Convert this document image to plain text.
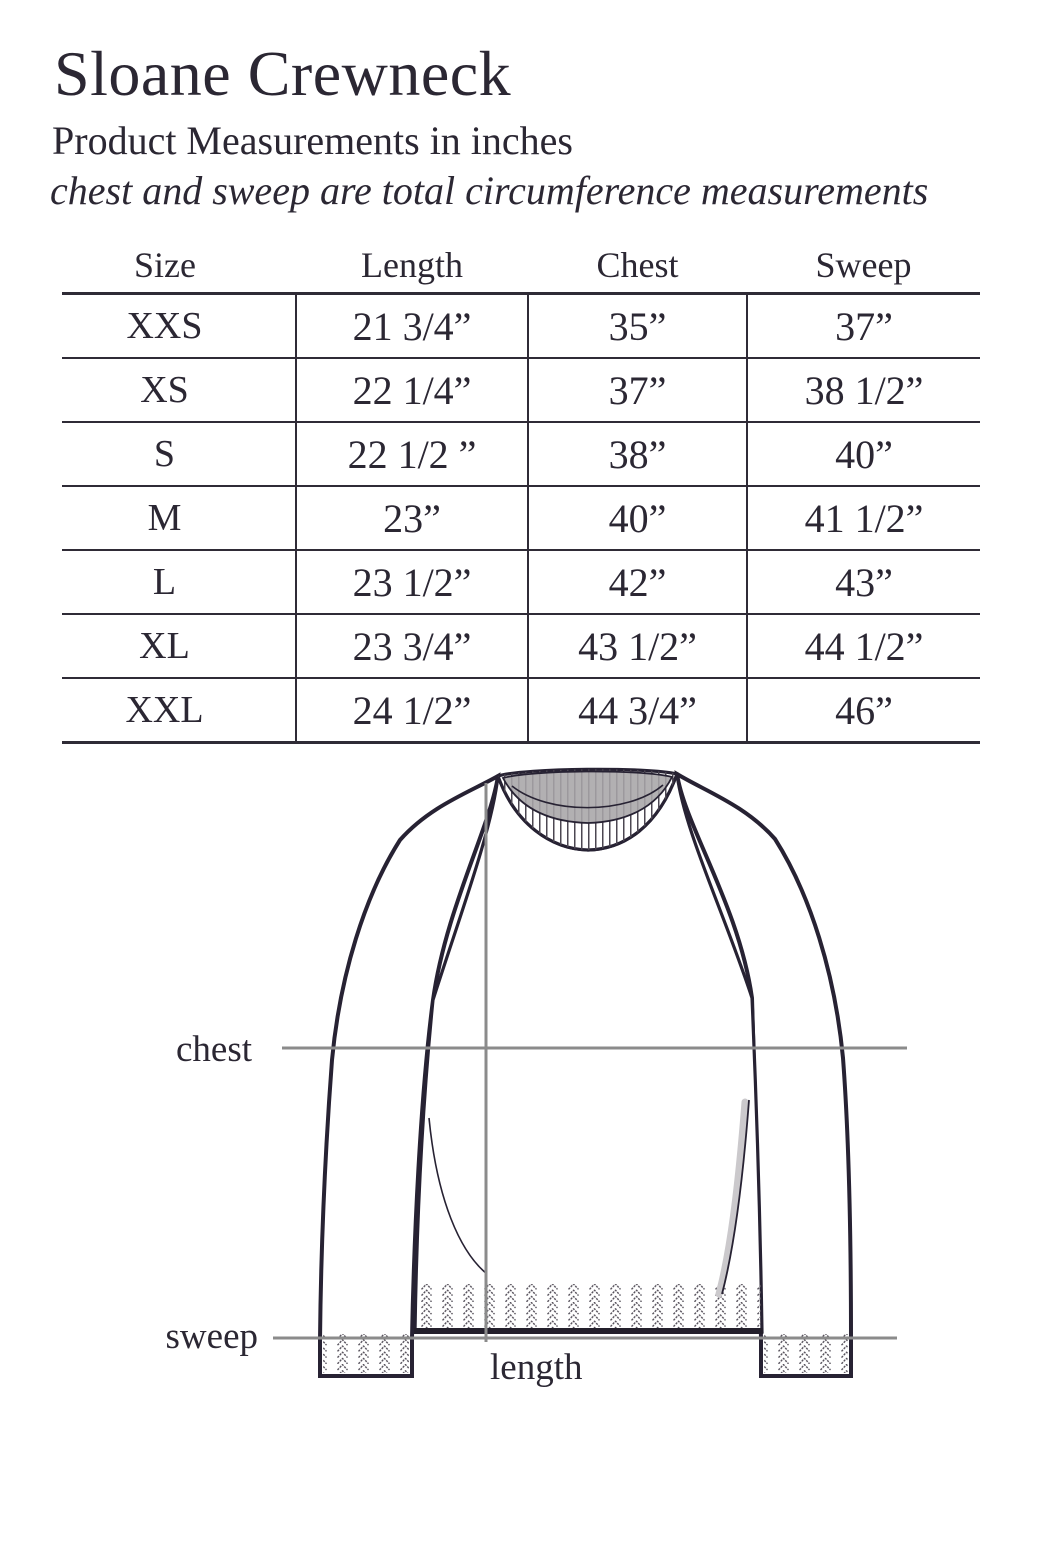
Sloane Crewneck
Product Measurements in inches
chest and sweep are total circumference measurements
Size	Length	Chest	Sweep
XXS	21 3/4”	35”	37”
XS	22 1/4”	37”	38 1/2”
S	22 1/2 ”	38”	40”
M	23”	40”	41 1/2”
L	23 1/2”	42”	43”
XL	23 3/4”	43 1/2”	44 1/2”
XXL	24 1/2”	44 3/4”	46”
chest
sweep
length
